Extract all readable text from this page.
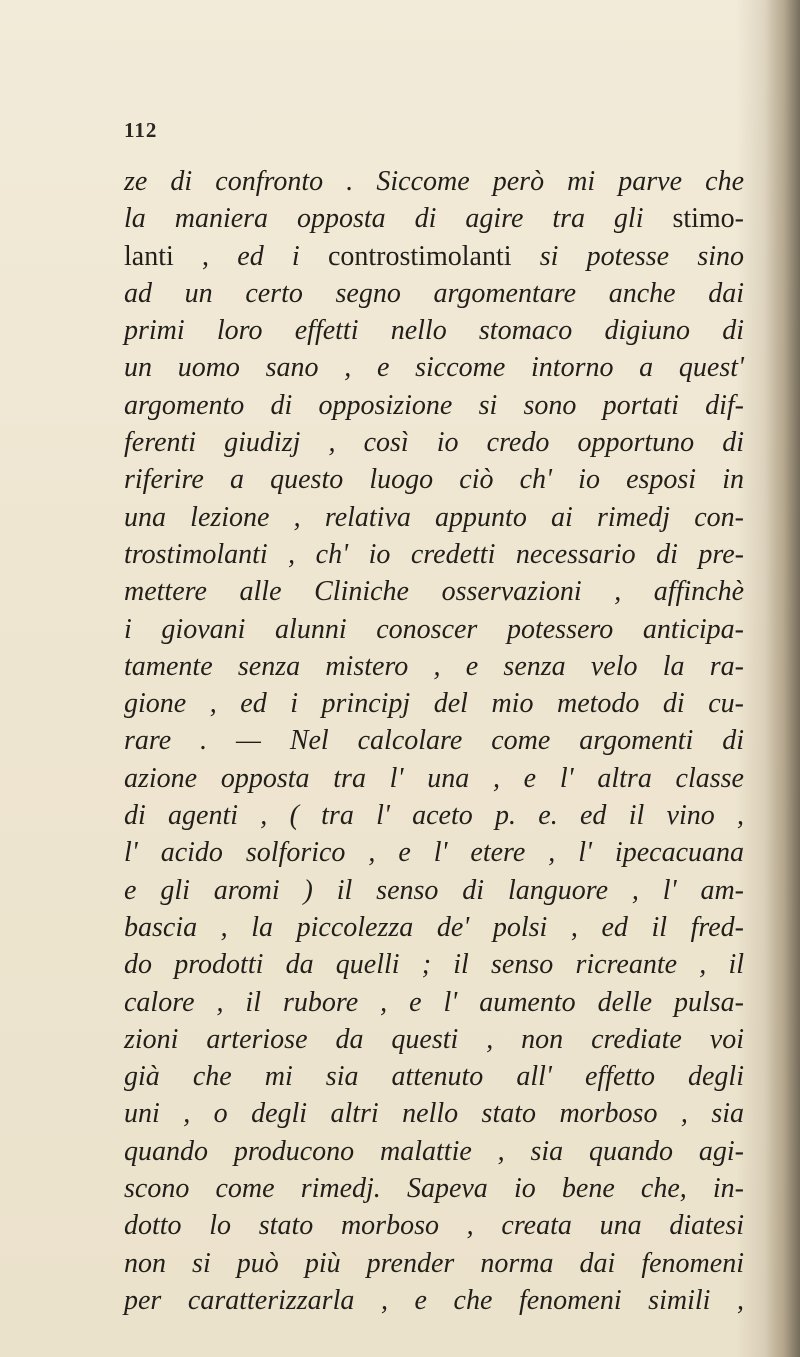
112
ze di confronto . Siccome però mi parve che
la maniera opposta di agire tra gli stimo-
lanti , ed i controstimolanti si potesse sino
ad un certo segno argomentare anche dai
primi loro effetti nello stomaco digiuno di
un uomo sano , e siccome intorno a quest'
argomento di opposizione si sono portati dif-
ferenti giudizj , così io credo opportuno di
riferire a questo luogo ciò ch' io esposi in
una lezione , relativa appunto ai rimedj con-
trostimolanti , ch' io credetti necessario di pre-
mettere alle Cliniche osservazioni , affinchè
i giovani alunni conoscer potessero anticipa-
tamente senza mistero , e senza velo la ra-
gione , ed i principj del mio metodo di cu-
rare . — Nel calcolare come argomenti di
azione opposta tra l' una , e l' altra classe
di agenti , ( tra l' aceto p. e. ed il vino ,
l' acido solforico , e l' etere , l' ipecacuana
e gli aromi ) il senso di languore , l' am-
bascia , la piccolezza de' polsi , ed il fred-
do prodotti da quelli ; il senso ricreante , il
calore , il rubore , e l' aumento delle pulsa-
zioni arteriose da questi , non crediate voi
già che mi sia attenuto all' effetto degli
uni , o degli altri nello stato morboso , sia
quando producono malattie , sia quando agi-
scono come rimedj. Sapeva io bene che, in-
dotto lo stato morboso , creata una diatesi
non si può più prender norma dai fenomeni
per caratterizzarla , e che fenomeni simili ,
